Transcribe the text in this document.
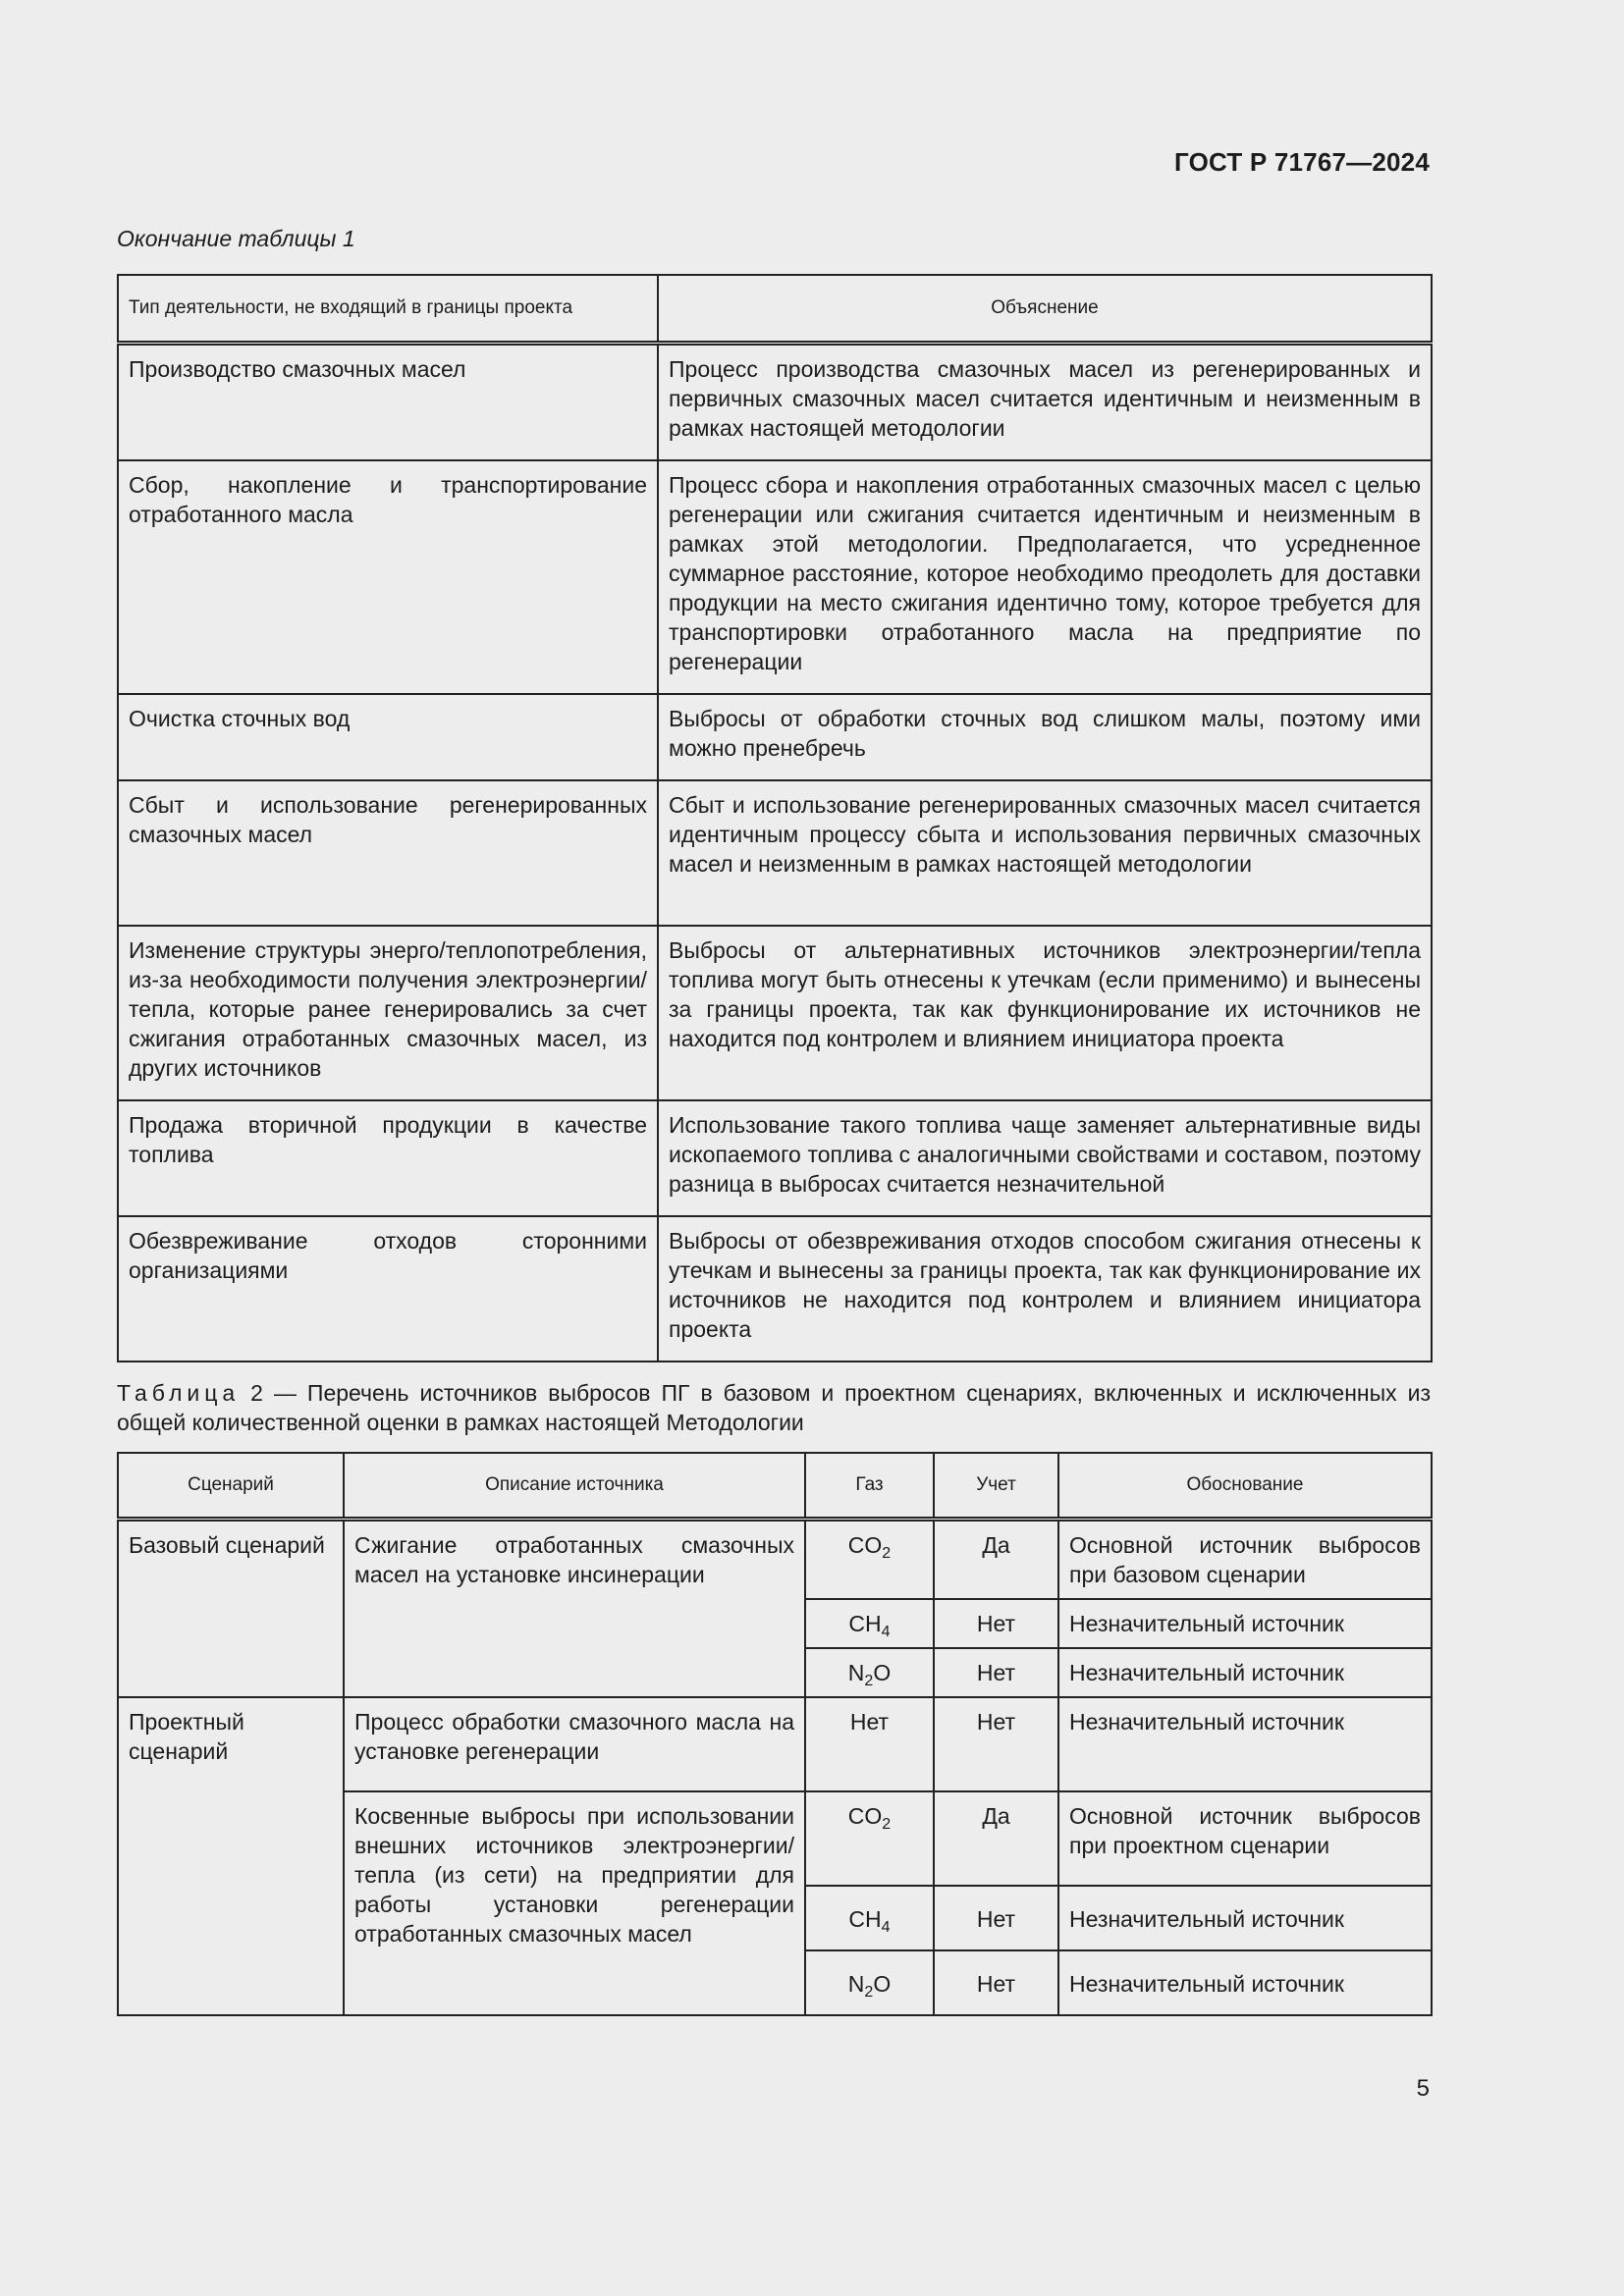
ГОСТ Р 71767—2024
Окончание таблицы 1
Тип деятельности, не входящий в границы проекта	Объяснение
Производство смазочных масел	Процесс производства смазочных масел из регенерированных и первичных смазочных масел считается идентичным и неизменным в рамках настоящей методологии
Сбор, накопление и транспортирование отработанного масла	Процесс сбора и накопления отработанных смазочных масел с целью регенерации или сжигания считается идентичным и неизменным в рамках этой методологии. Предполагается, что усредненное суммарное расстояние, которое необходимо преодолеть для доставки продукции на место сжигания идентично тому, которое требуется для транспортировки отработанного масла на предприятие по регенерации
Очистка сточных вод	Выбросы от обработки сточных вод слишком малы, поэтому ими можно пренебречь
Сбыт и использование регенерированных смазочных масел	Сбыт и использование регенерированных смазочных масел считается идентичным процессу сбыта и использования первичных смазочных масел и неизменным в рамках настоящей методологии
Изменение структуры энерго/теплопотребления, из-за необходимости получения электроэнергии/тепла, которые ранее генерировались за счет сжигания отработанных смазочных масел, из других источников	Выбросы от альтернативных источников электроэнергии/тепла топлива могут быть отнесены к утечкам (если применимо) и вынесены за границы проекта, так как функционирование их источников не находится под контролем и влиянием инициатора проекта
Продажа вторичной продукции в качестве топлива	Использование такого топлива чаще заменяет альтернативные виды ископаемого топлива с аналогичными свойствами и составом, поэтому разница в выбросах считается незначительной
Обезвреживание отходов сторонними организациями	Выбросы от обезвреживания отходов способом сжигания отнесены к утечкам и вынесены за границы проекта, так как функционирование их источников не находится под контролем и влиянием инициатора проекта
Таблица 2 — Перечень источников выбросов ПГ в базовом и проектном сценариях, включенных и исключенных из общей количественной оценки в рамках настоящей Методологии
Сценарий	Описание источника	Газ	Учет	Обоснование
Базовый сценарий	Сжигание отработанных смазочных масел на установке инсинерации	$CO_2$	Да	Основной источник выбросов при базовом сценарии
		$CH_4$	Нет	Незначительный источник
		$N_2O$	Нет	Незначительный источник
Проектный сценарий	Процесс обработки смазочного масла на установке регенерации	Нет	Нет	Незначительный источник
	Косвенные выбросы при использовании внешних источников электроэнергии/тепла (из сети) на предприятии для работы установки регенерации отработанных смазочных масел	$CO_2$	Да	Основной источник выбросов при проектном сценарии
		$CH_4$	Нет	Незначительный источник
		$N_2O$	Нет	Незначительный источник
5
